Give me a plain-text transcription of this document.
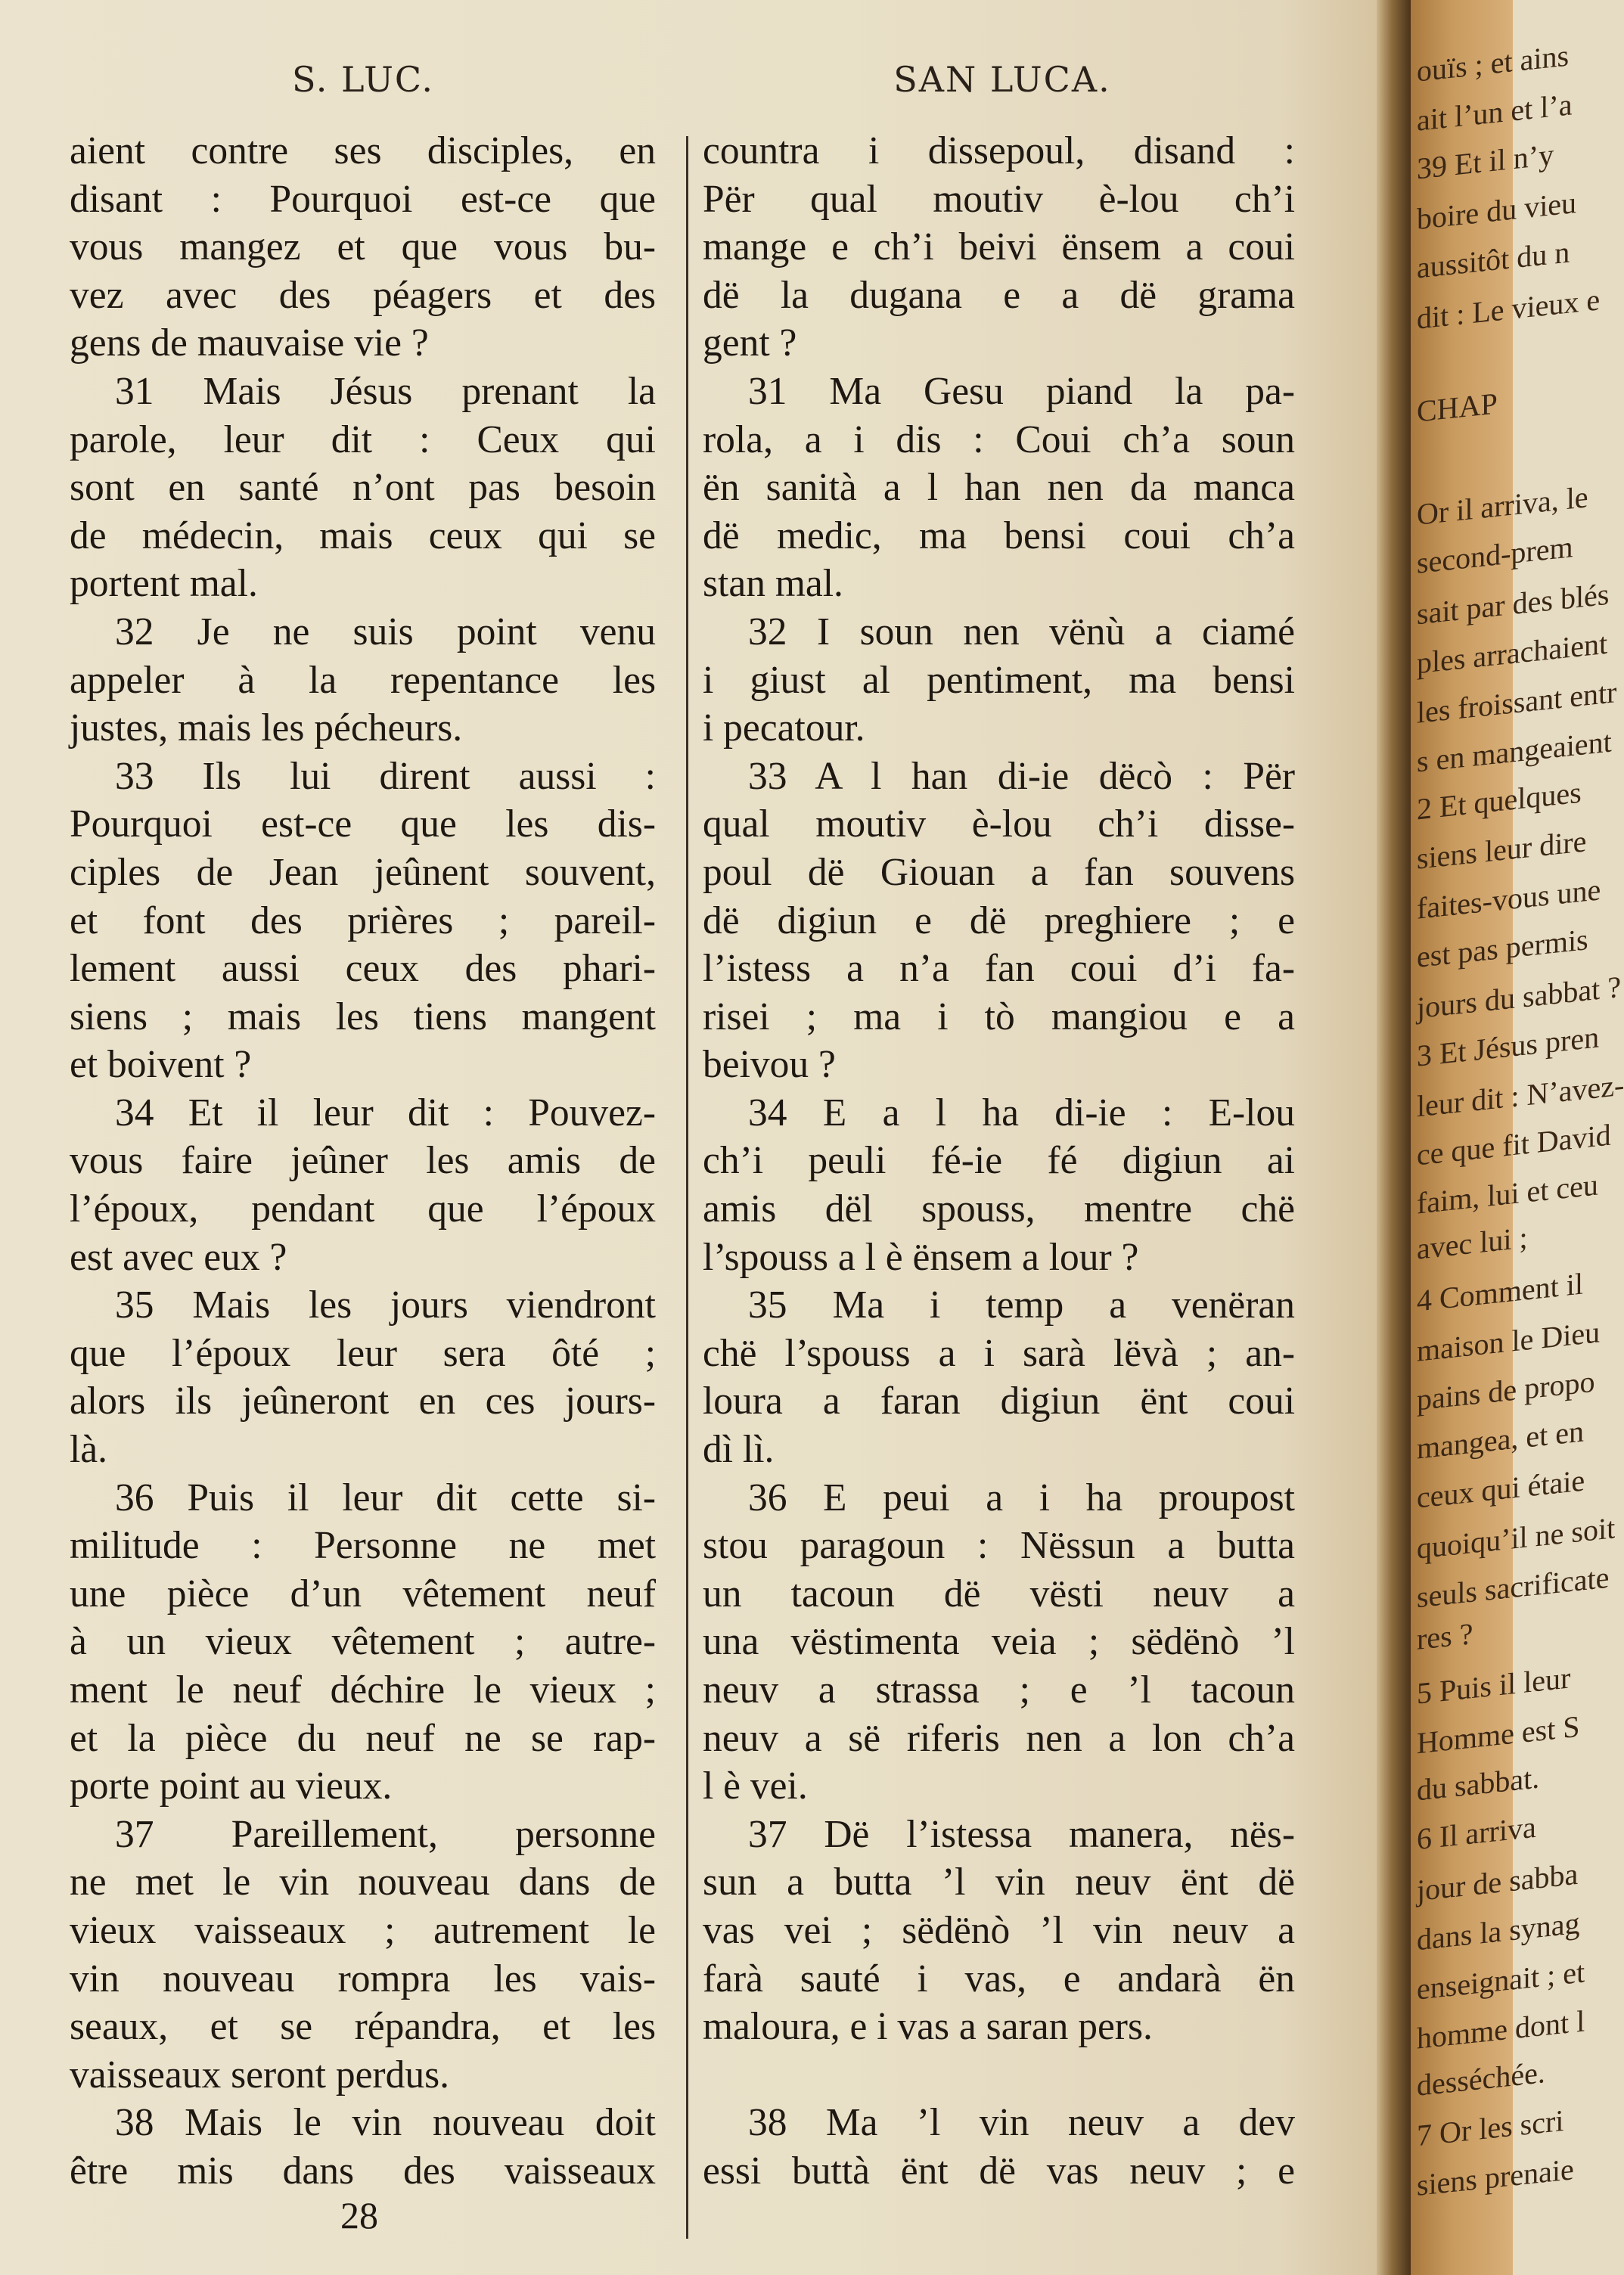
ouïs ; et ains
ait l’un et l’a
39 Et il n’y
boire du vieu
aussitôt du n
dit : Le vieux e
CHAP
Or il arriva, le
second-prem
sait par des blés
ples arrachaient
les froissant entr
s en mangeaient
2 Et quelques
siens leur dire
faites-vous une
est pas permis
jours du sabbat ?
3 Et Jésus pren
leur dit : N’avez-
ce que fit David
faim, lui et ceu
avec lui ;
4 Comment il
maison le Dieu
pains de propo
mangea, et en
ceux qui étaie
quoiqu’il ne soit
seuls sacrificate
res ?
5 Puis il leur
Homme est S
du sabbat.
6 Il arriva
jour de sabba
dans la synag
enseignait ; et
homme dont l
desséchée.
7 Or les scri
siens prenaie
S. LUC.	SAN LUCA.
aient contre ses disciples, en
disant : Pourquoi est-ce que
vous mangez et que vous bu-
vez avec des péagers et des
gens de mauvaise vie ?
31 Mais Jésus prenant la
parole, leur dit : Ceux qui
sont en santé n’ont pas besoin
de médecin, mais ceux qui se
portent mal.
32 Je ne suis point venu
appeler à la repentance les
justes, mais les pécheurs.
33 Ils lui dirent aussi :
Pourquoi est-ce que les dis-
ciples de Jean jeûnent souvent,
et font des prières ; pareil-
lement aussi ceux des phari-
siens ; mais les tiens mangent
et boivent ?
34 Et il leur dit : Pouvez-
vous faire jeûner les amis de
l’époux, pendant que l’époux
est avec eux ?
35 Mais les jours viendront
que l’époux leur sera ôté ;
alors ils jeûneront en ces jours-
là.
36 Puis il leur dit cette si-
militude : Personne ne met
une pièce d’un vêtement neuf
à un vieux vêtement ; autre-
ment le neuf déchire le vieux ;
et la pièce du neuf ne se rap-
porte point au vieux.
37 Pareillement, personne
ne met le vin nouveau dans de
vieux vaisseaux ; autrement le
vin nouveau rompra les vais-
seaux, et se répandra, et les
vaisseaux seront perdus.
38 Mais le vin nouveau doit
être mis dans des vaisseaux
countra i dissepoul, disand :
Për qual moutiv è-lou ch’i
mange e ch’i beivi ënsem a coui
dë la dugana e a dë grama
gent ?
31 Ma Gesu piand la pa-
rola, a i dis : Coui ch’a soun
ën sanità a l han nen da manca
dë medic, ma bensi coui ch’a
stan mal.
32 I soun nen vënù a ciamé
i giust al pentiment, ma bensi
i pecatour.
33 A l han di-ie dëcò : Për
qual moutiv è-lou ch’i disse-
poul dë Giouan a fan souvens
dë digiun e dë preghiere ; e
l’istess a n’a fan coui d’i fa-
risei ; ma i tò mangiou e a
beivou ?
34 E a l ha di-ie : E-lou
ch’i peuli fé-ie fé digiun ai
amis dël spouss, mentre chë
l’spouss a l è ënsem a lour ?
35 Ma i temp a venëran
chë l’spouss a i sarà lëvà ; an-
loura a faran digiun ënt coui
dì lì.
36 E peui a i ha proupost
stou paragoun : Nëssun a butta
un tacoun dë vësti neuv a
una vëstimenta veia ; sëdënò ’l
neuv a strassa ; e ’l tacoun
neuv a së riferis nen a lon ch’a
l è vei.
37 Dë l’istessa manera, nës-
sun a butta ’l vin neuv ënt dë
vas vei ; sëdënò ’l vin neuv a
farà sauté i vas, e andarà ën
maloura, e i vas a saran pers.
38 Ma ’l vin neuv a dev
essi buttà ënt dë vas neuv ; e
28
